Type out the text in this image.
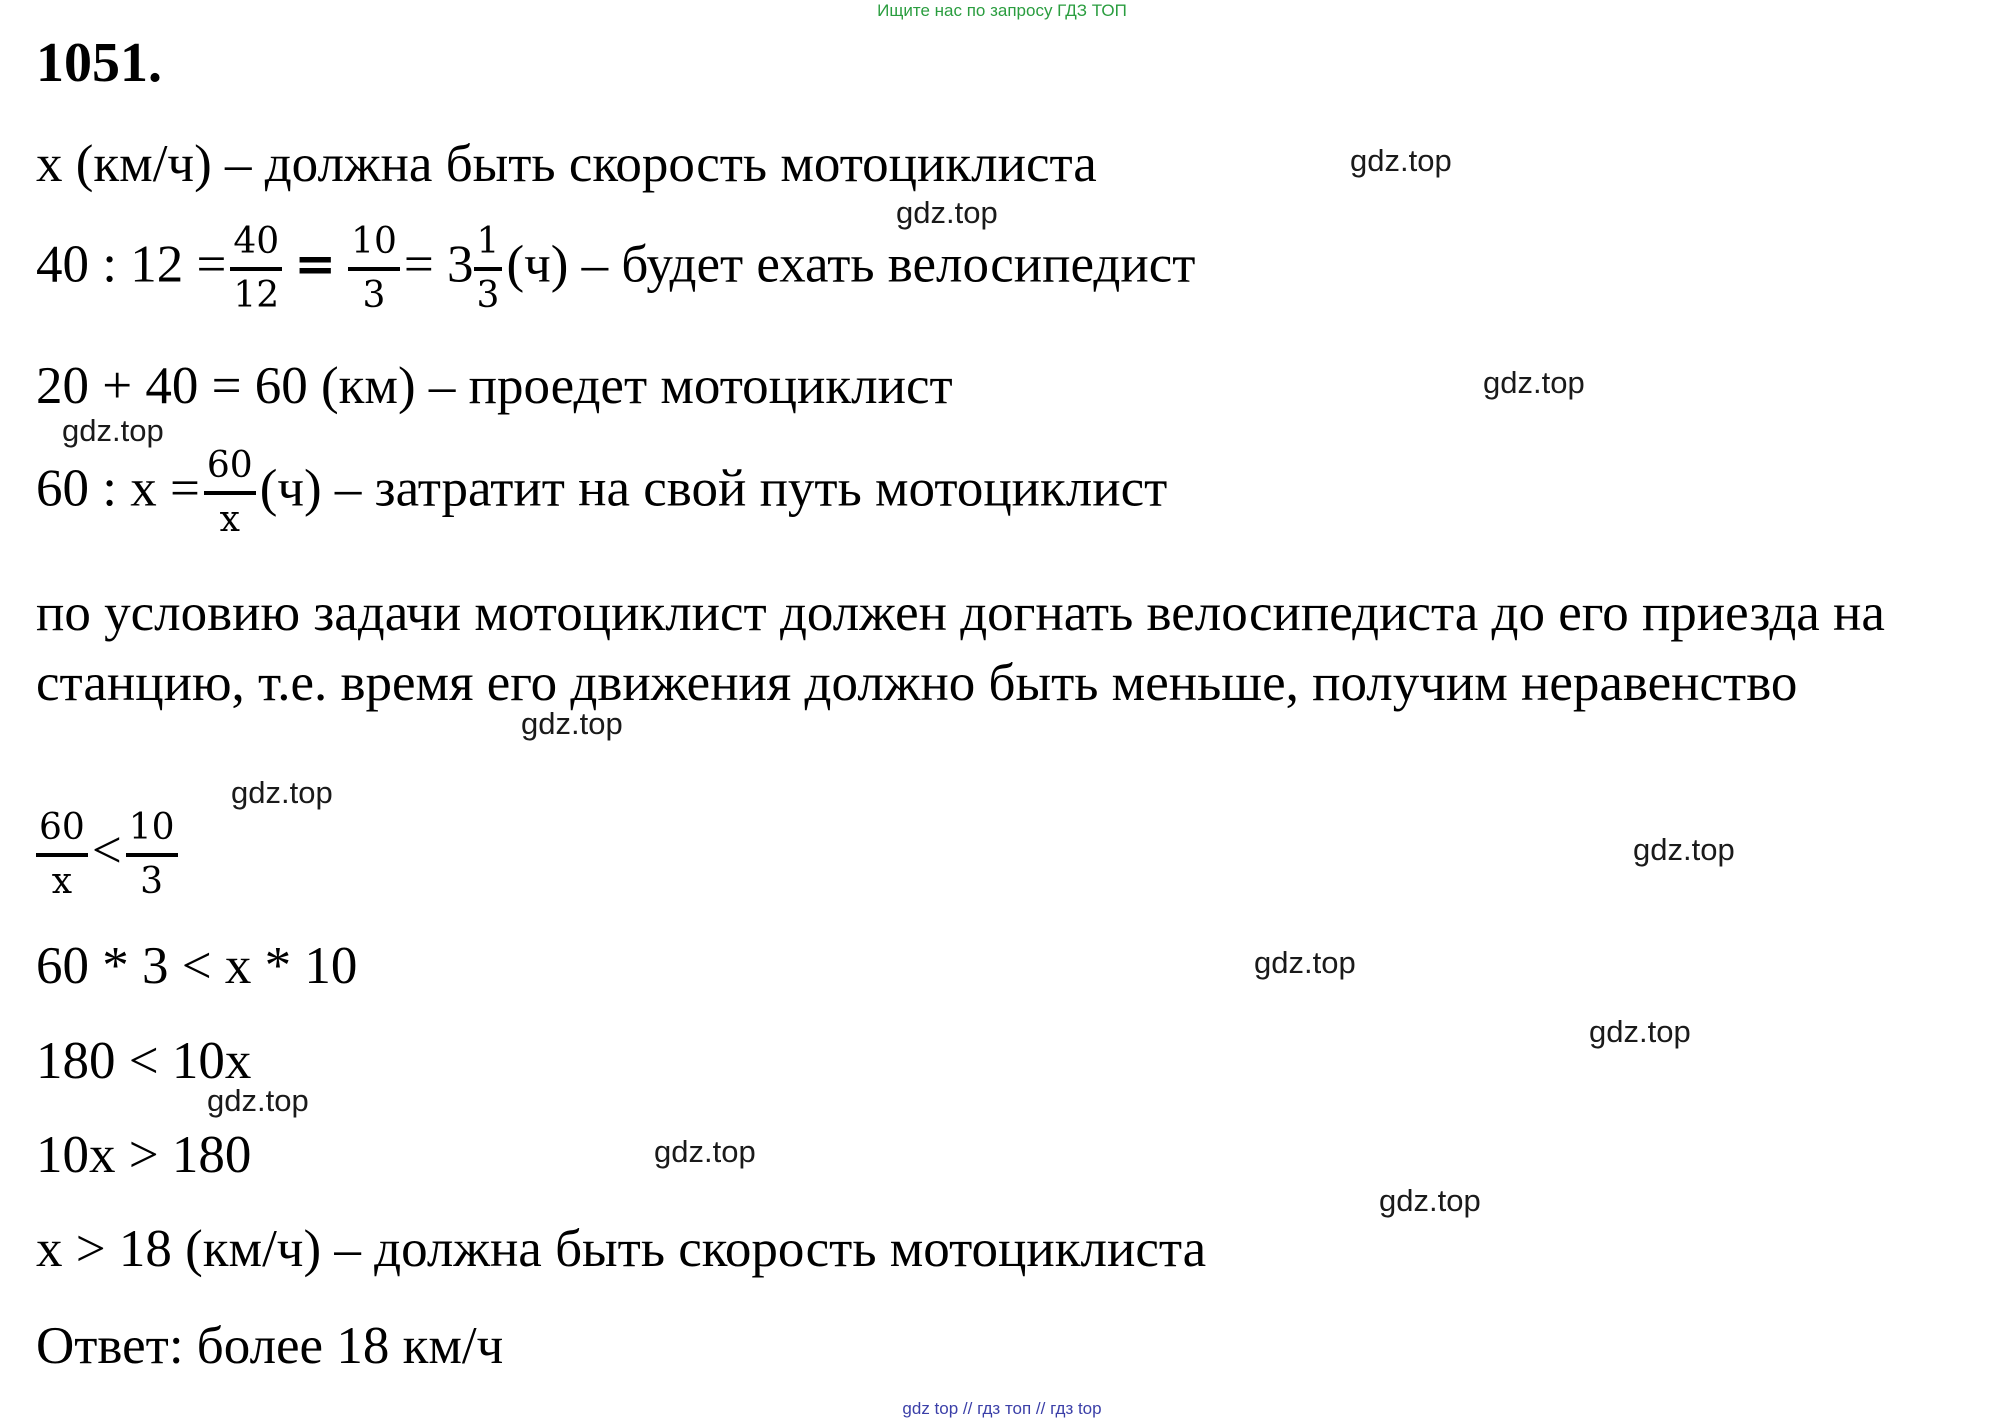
Ищите нас по запросу ГДЗ ТОП
1051.
x (км/ч) – должна быть скорость мотоциклиста
40 : $12 = \frac{40}{12} = \frac{10}{3} = 3 \frac{1}{3} (ч)$ – будет ехать велосипедист
20 + 40 = 60 (км) – проедет мотоциклист
60 : $x = \frac{60}{x} (ч)$ – затратит на свой путь мотоциклист

по условию задачи мотоциклист должен догнать велосипедиста до его приезда на станцию, т.е. время его движения должно быть меньше, получим неравенство

$\frac{60}{x} < \frac{10}{3}$
60 * 3 < x * 10
180 < 10x
10x > 180
x > 18 (км/ч) – должна быть скорость мотоциклиста
Ответ: более 18 км/ч
gdz.top
gdz.top
gdz.top
gdz.top
gdz.top
gdz.top
gdz.top
gdz.top
gdz.top
gdz.top
gdz.top
gdz.top
gdz top // гдз топ // гдз top
